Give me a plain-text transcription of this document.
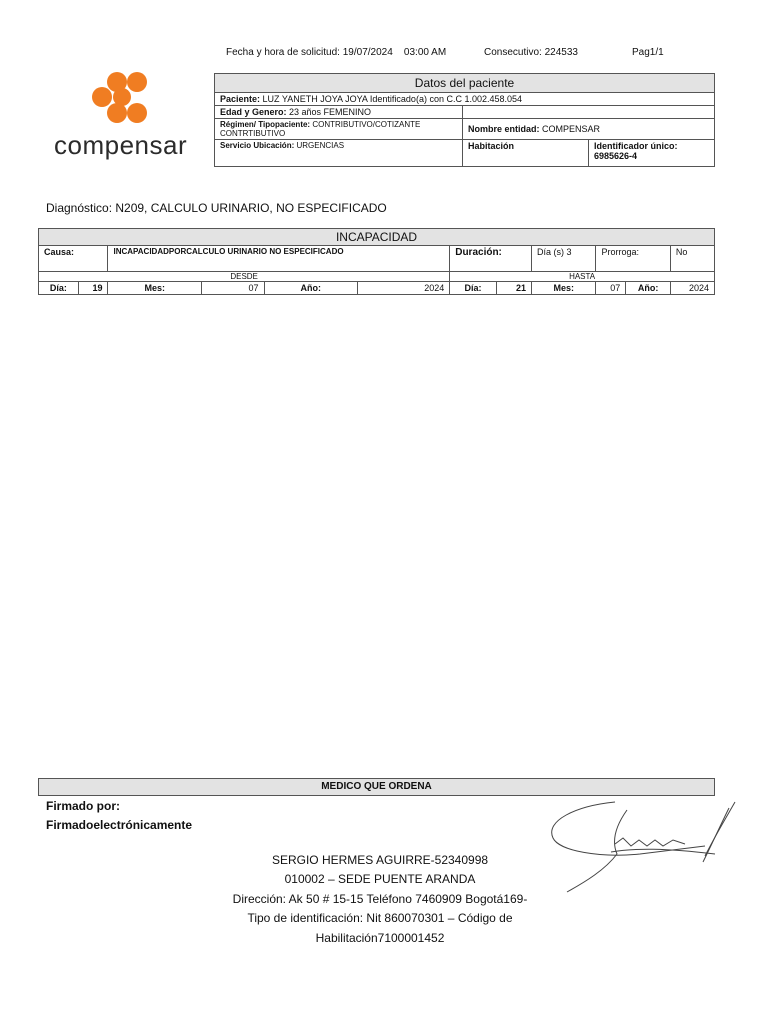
Fecha y hora de solicitud: 19/07/2024 03:00 AM	Consecutivo: 224533	Pag1/1
compensar
Datos del paciente		
Paciente: LUZ YANETH JOYA JOYA Identificado(a) con C.C 1.002.458.054		
Edad y Genero: 23 años FEMENINO		
Régimen/ Tipopaciente: CONTRIBUTIVO/COTIZANTE CONTRTIBUTIVO	Nombre entidad: COMPENSAR	
Servicio Ubicación: URGENCIAS	Habitación	Identificador único:
6985626-4
Diagnóstico: N209, CALCULO URINARIO, NO ESPECIFICADO
INCAPACIDAD											
Causa:		INCAPACIDADPORCALCULO URINARIO NO ESPECIFICADO				Duración:		Día (s) 3	Prorroga:		No
DESDE						HASTA					
Día:	19	Mes:	07	Año:	2024	Día:	21	Mes:	07	Año:	2024
MEDICO QUE ORDENA
Firmado por:
Firmadoelectrónicamente
SERGIO HERMES AGUIRRE-52340998
010002 – SEDE PUENTE ARANDA
Dirección: Ak 50 # 15-15 Teléfono 7460909 Bogotá169-
Tipo de identificación: Nit 860070301 – Código de
Habilitación7100001452
